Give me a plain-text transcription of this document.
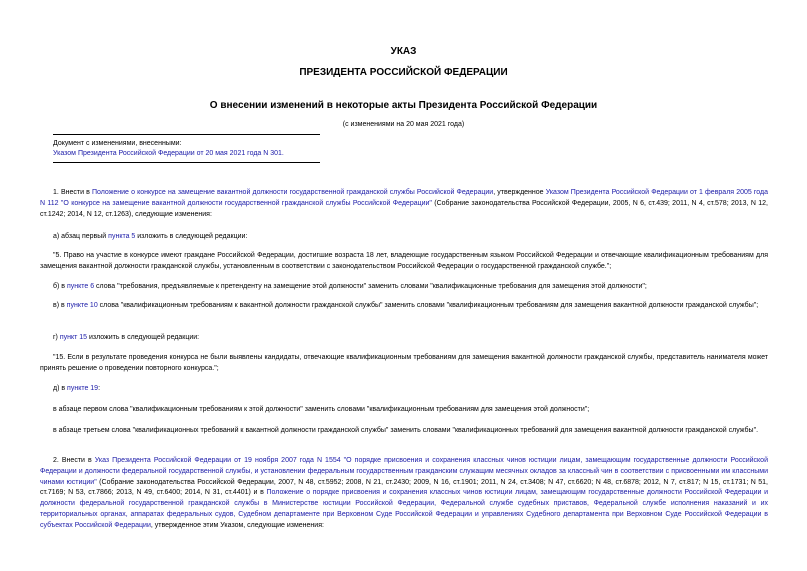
УКАЗ
ПРЕЗИДЕНТА РОССИЙСКОЙ ФЕДЕРАЦИИ
О внесении изменений в некоторые акты Президента Российской Федерации
(с изменениями на 20 мая 2021 года)
Документ с изменениями, внесенными:
Указом Президента Российской Федерации от 20 мая 2021 года N 301.
1. Внести в Положение о конкурсе на замещение вакантной должности государственной гражданской службы Российской Федерации, утвержденное Указом Президента Российской Федерации от 1 февраля 2005 года N 112 "О конкурсе на замещение вакантной должности государственной гражданской службы Российской Федерации" (Собрание законодательства Российской Федерации, 2005, N 6, ст.439; 2011, N 4, ст.578; 2013, N 12, ст.1242; 2014, N 12, ст.1263), следующие изменения:
а) абзац первый пункта 5 изложить в следующей редакции:
"5. Право на участие в конкурсе имеют граждане Российской Федерации, достигшие возраста 18 лет, владеющие государственным языком Российской Федерации и отвечающие квалификационным требованиям для замещения вакантной должности гражданской службы, установленным в соответствии с законодательством Российской Федерации о государственной гражданской службе.";
б) в пункте 6 слова "требования, предъявляемые к претенденту на замещение этой должности" заменить словами "квалификационные требования для замещения этой должности";
в) в пункте 10 слова "квалификационным требованиям к вакантной должности гражданской службы" заменить словами "квалификационным требованиям для замещения вакантной должности гражданской службы";
г) пункт 15 изложить в следующей редакции:
"15. Если в результате проведения конкурса не были выявлены кандидаты, отвечающие квалификационным требованиям для замещения вакантной должности гражданской службы, представитель нанимателя может принять решение о проведении повторного конкурса.";
д) в пункте 19:
в абзаце первом слова "квалификационным требованиям к этой должности" заменить словами "квалификационным требованиям для замещения этой должности";
в абзаце третьем слова "квалификационных требований к вакантной должности гражданской службы" заменить словами "квалификационных требований для замещения вакантной должности гражданской службы".
2. Внести в Указ Президента Российской Федерации от 19 ноября 2007 года N 1554 "О порядке присвоения и сохранения классных чинов юстиции лицам, замещающим государственные должности Российской Федерации и должности федеральной государственной службы, и установлении федеральным государственным гражданским служащим месячных окладов за классный чин в соответствии с присвоенными им классными чинами юстиции" (Собрание законодательства Российской Федерации, 2007, N 48, ст.5952; 2008, N 21, ст.2430; 2009, N 16, ст.1901; 2011, N 24, ст.3408; N 47, ст.6620; N 48, ст.6878; 2012, N 7, ст.817; N 15, ст.1731; N 51, ст.7169; N 53, ст.7866; 2013, N 49, ст.6400; 2014, N 31, ст.4401) и в Положение о порядке присвоения и сохранения классных чинов юстиции лицам, замещающим государственные должности Российской Федерации и должности федеральной государственной гражданской службы в Министерстве юстиции Российской Федерации, Федеральной службе судебных приставов, Федеральной службе исполнения наказаний и их территориальных органах, аппаратах федеральных судов, Судебном департаменте при Верховном Суде Российской Федерации и управлениях Судебного департамента при Верховном Суде Российской Федерации в субъектах Российской Федерации, утвержденное этим Указом, следующие изменения:
